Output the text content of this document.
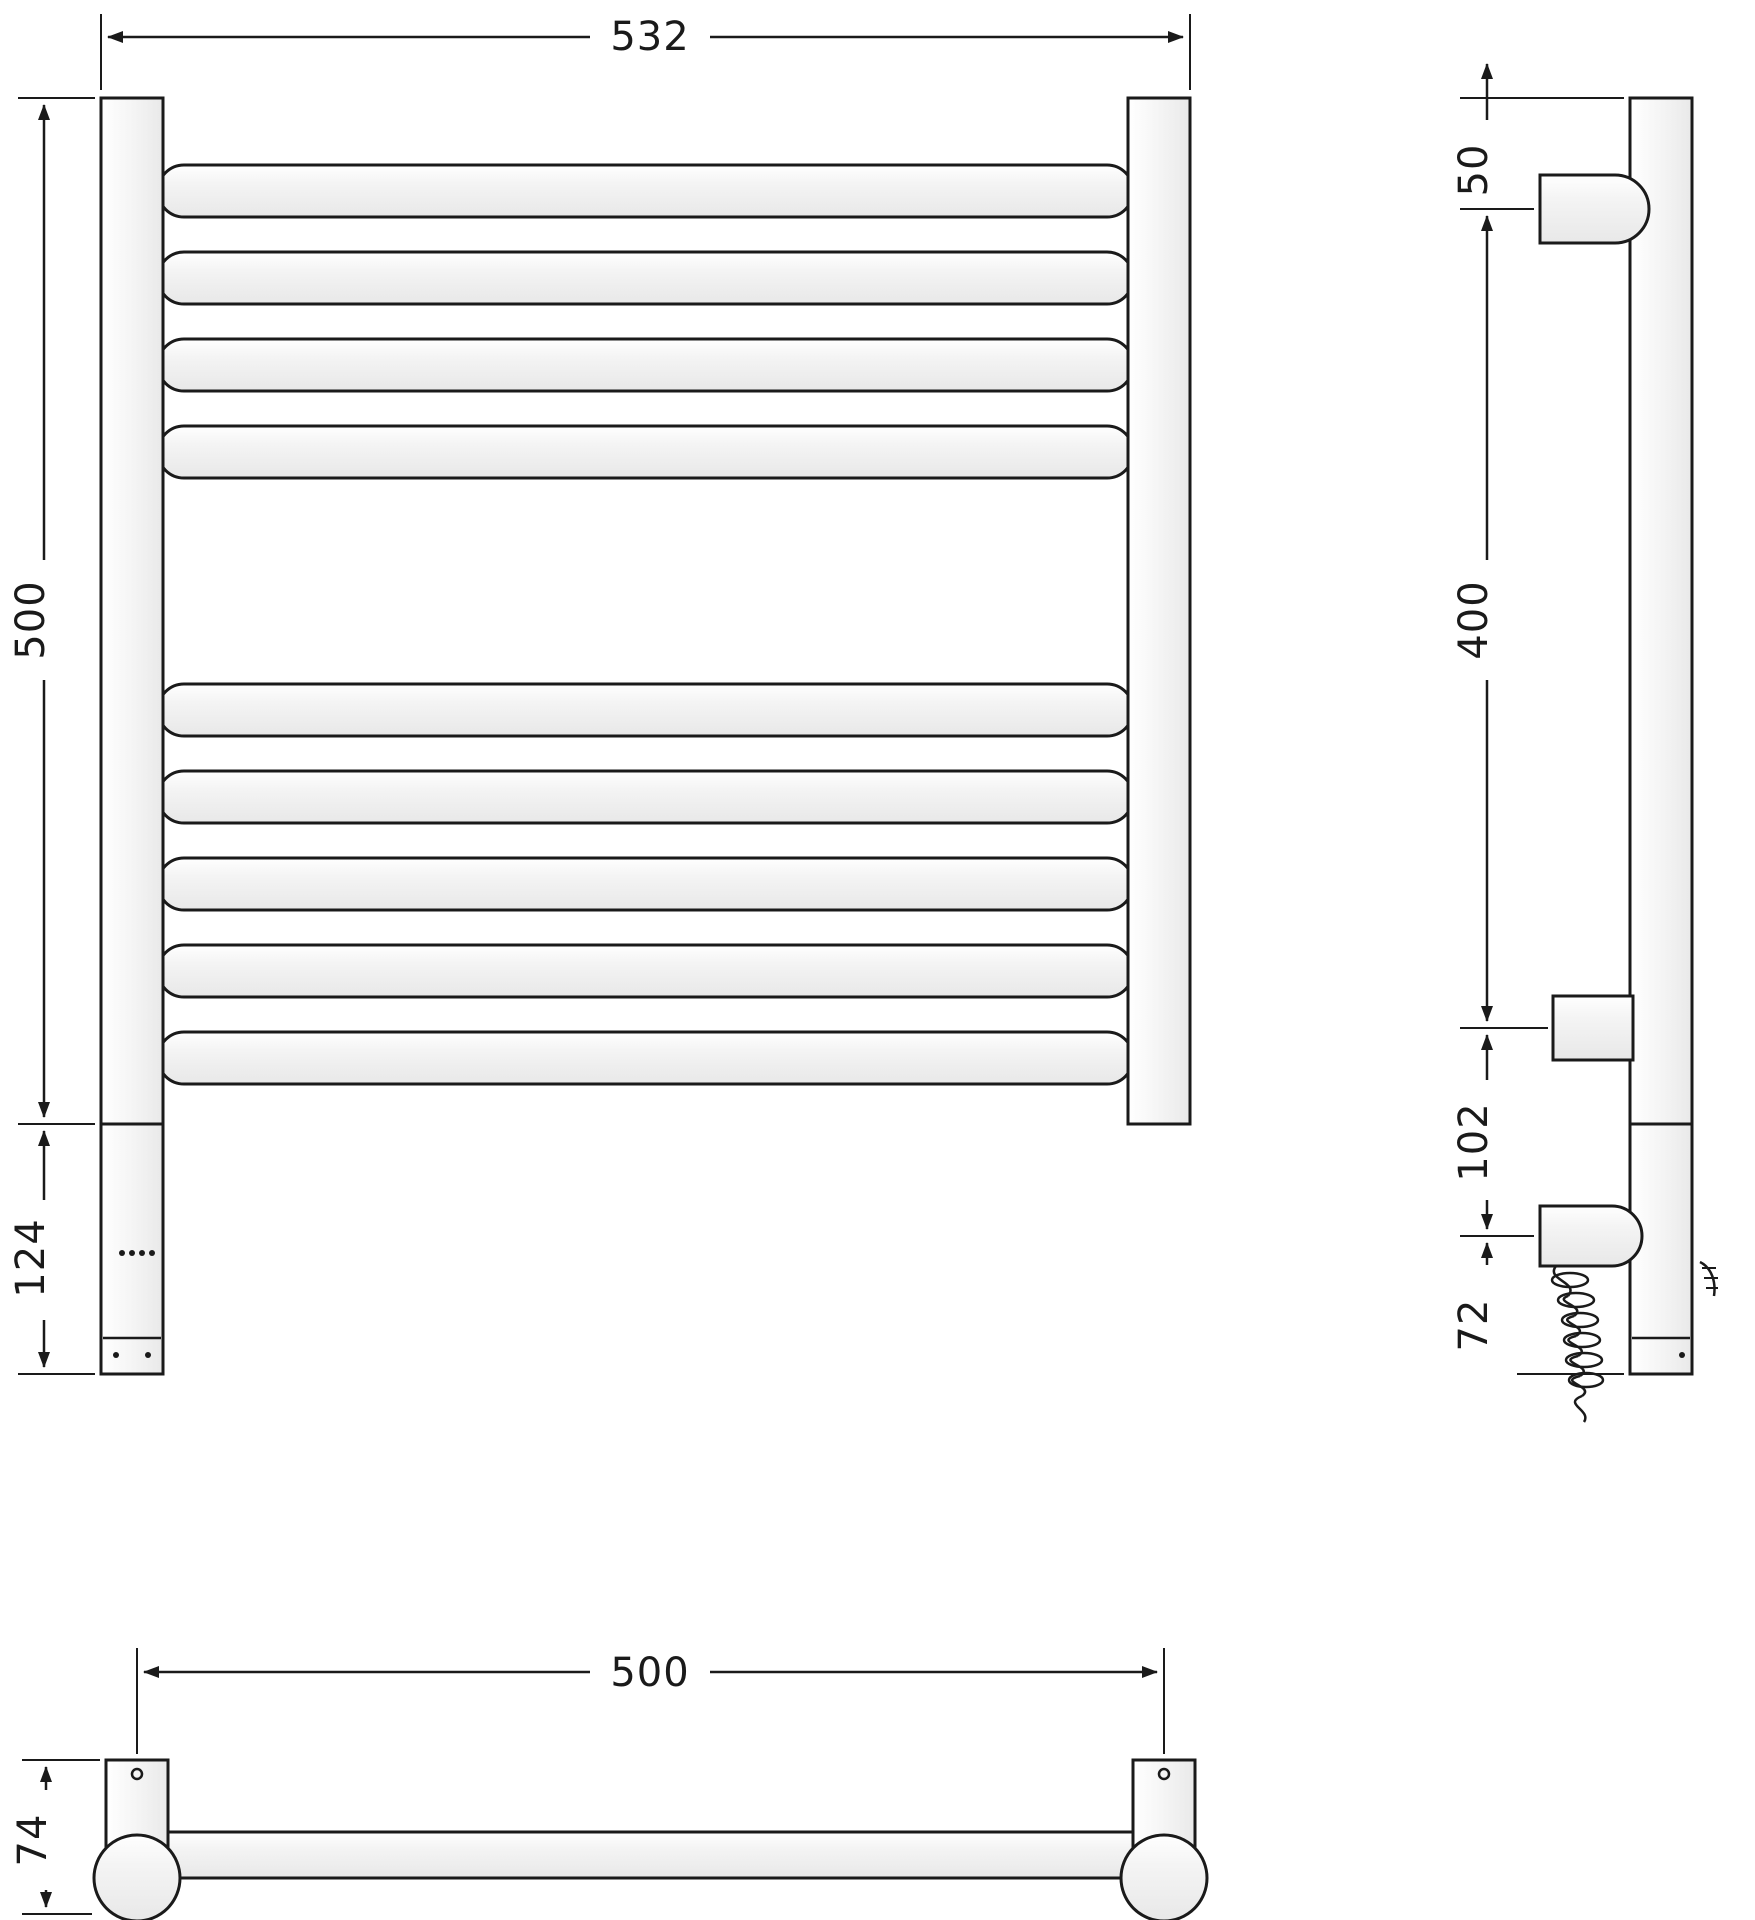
532
500
124
50
400
102
72
500
74
